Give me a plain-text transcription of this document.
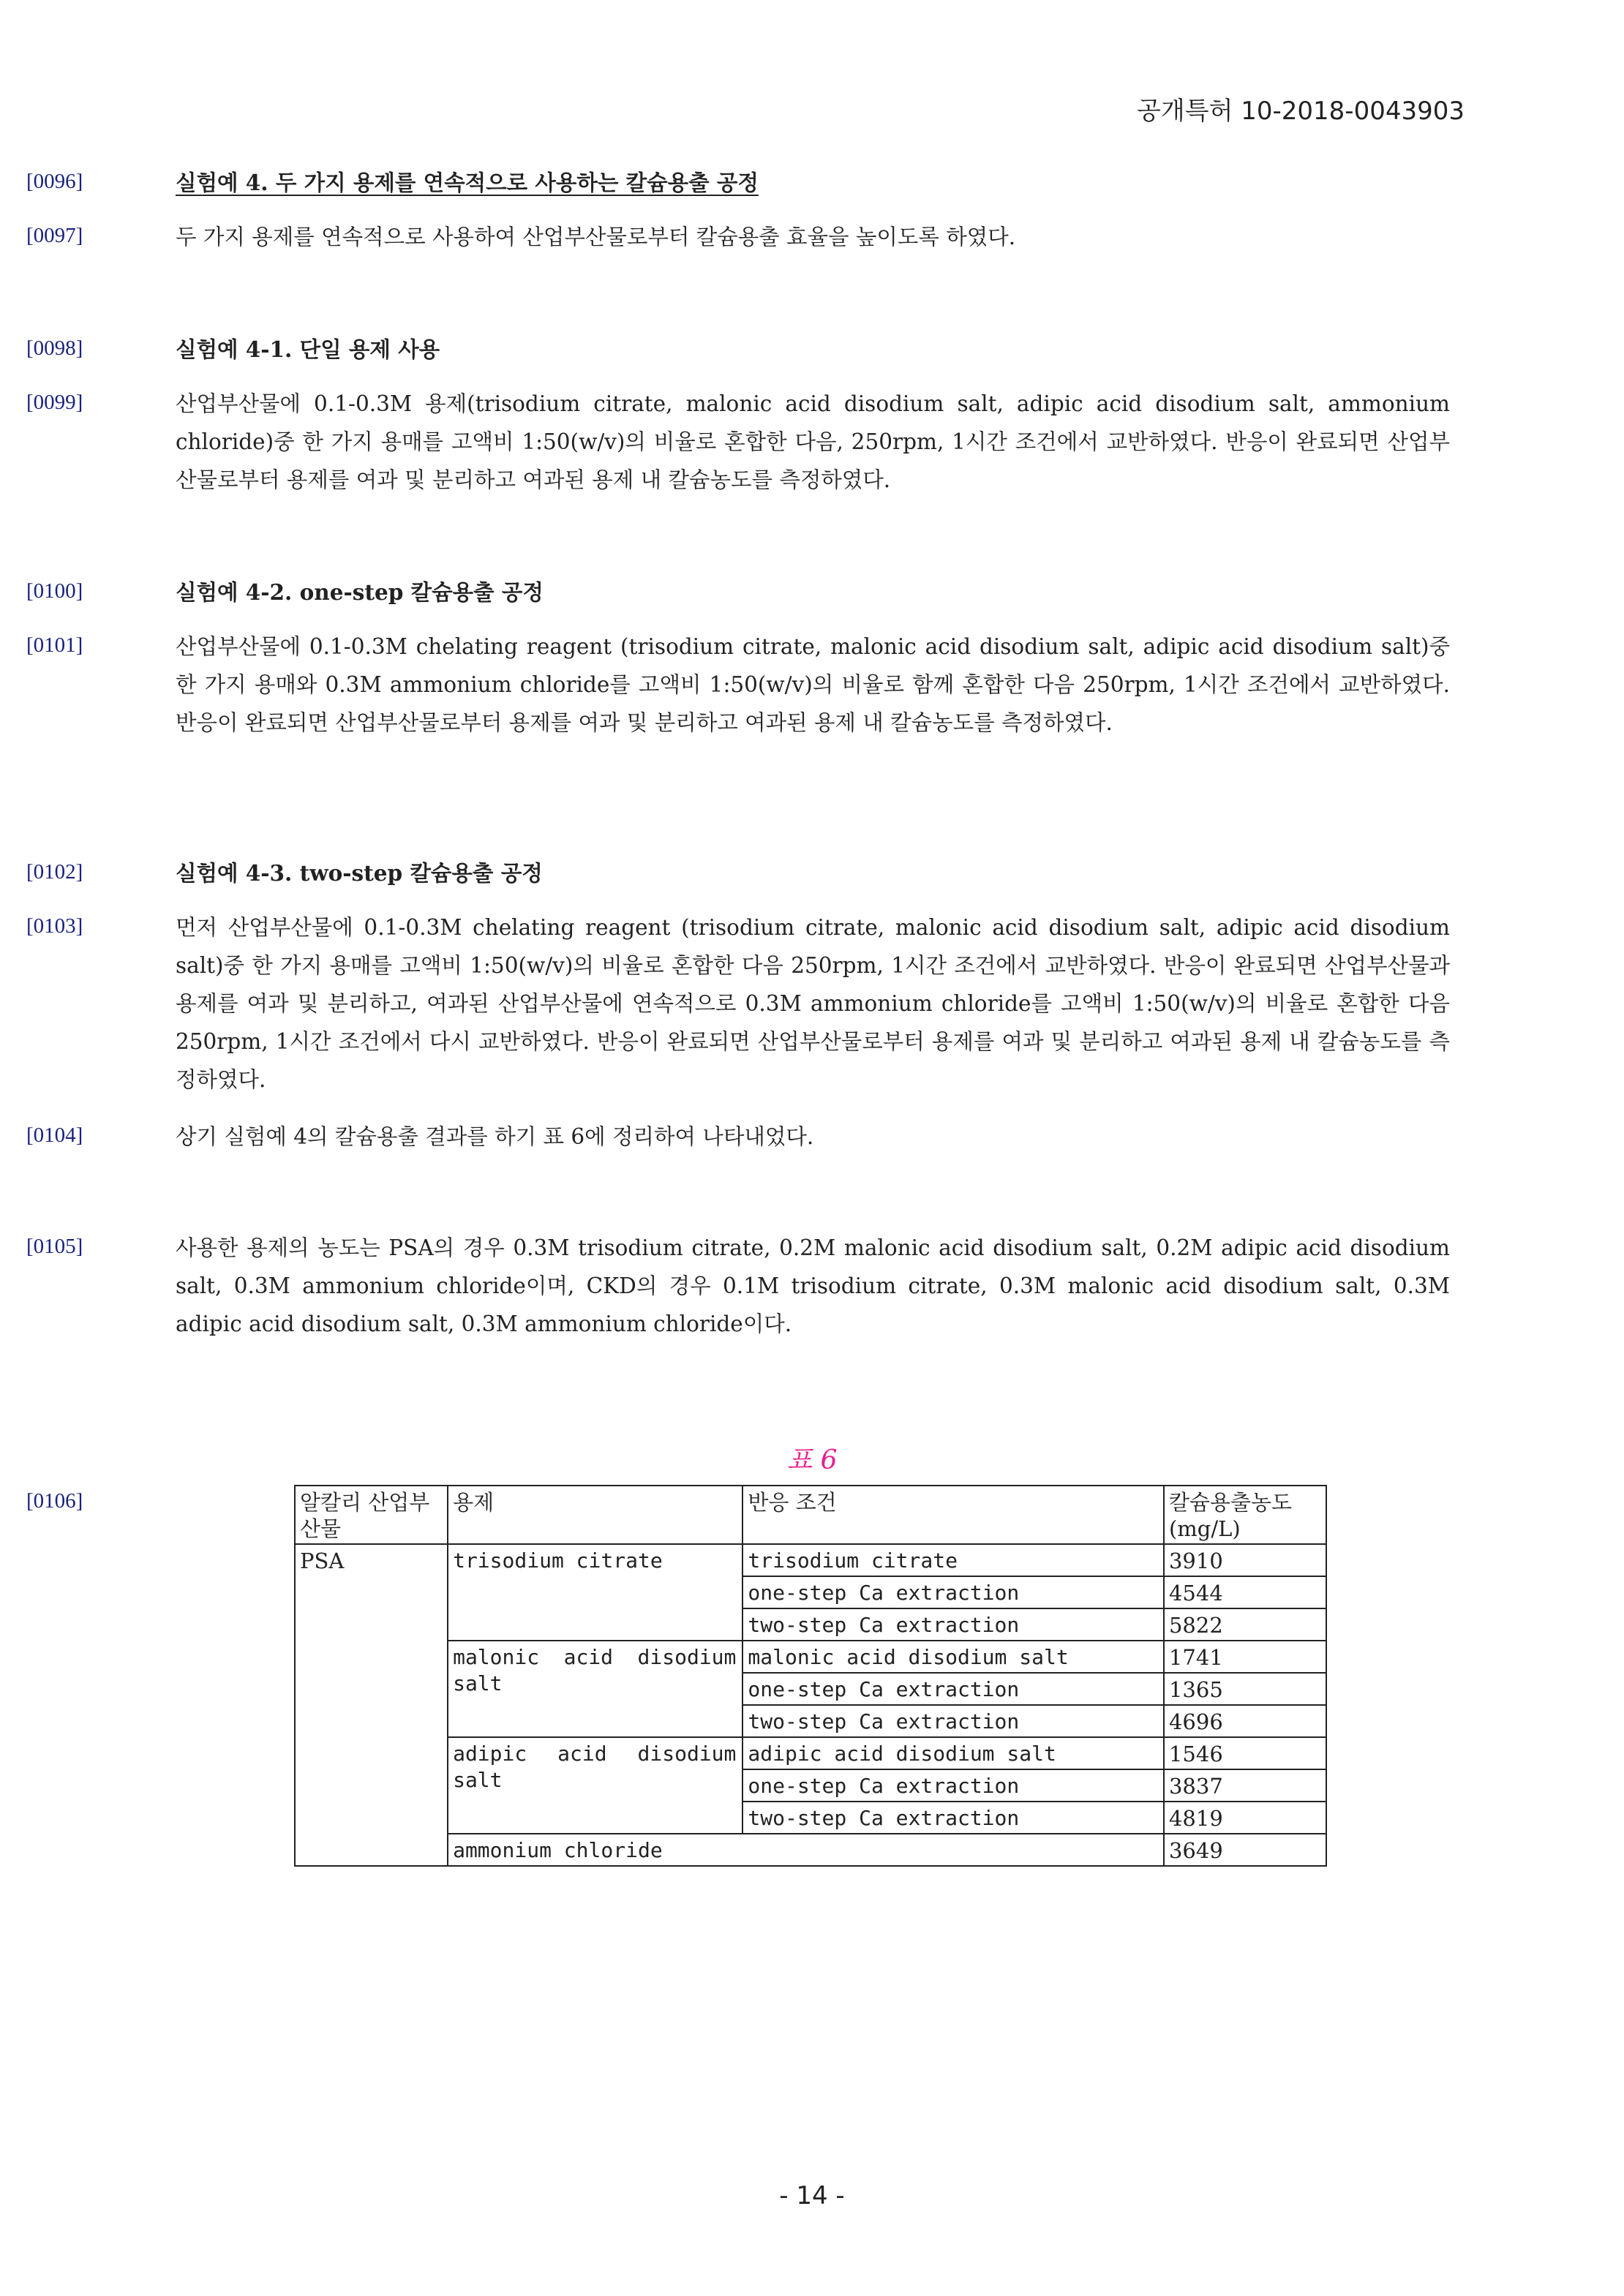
공개특허 10-2018-0043903
[0096]	실험예 4. 두 가지 용제를 연속적으로 사용하는 칼슘용출 공정
[0097]	두 가지 용제를 연속적으로 사용하여 산업부산물로부터 칼슘용출 효율을 높이도록 하였다.
[0098]	실험예 4-1. 단일 용제 사용
[0099]	산업부산물에 0.1-0.3M 용제(trisodium citrate, malonic acid disodium salt, adipic acid disodium salt, ammonium chloride)중 한 가지 용매를 고액비 1:50(w/v)의 비율로 혼합한 다음, 250rpm, 1시간 조건에서 교반하였다. 반응이 완료되면 산업부산물로부터 용제를 여과 및 분리하고 여과된 용제 내 칼슘농도를 측정하였다.
[0100]	실험예 4-2. one-step 칼슘용출 공정
[0101]	산업부산물에 0.1-0.3M chelating reagent (trisodium citrate, malonic acid disodium salt, adipic acid disodium salt)중 한 가지 용매와 0.3M ammonium chloride를 고액비 1:50(w/v)의 비율로 함께 혼합한 다음 250rpm, 1시간 조건에서 교반하였다. 반응이 완료되면 산업부산물로부터 용제를 여과 및 분리하고 여과된 용제 내 칼슘농도를 측정하였다.
[0102]	실험예 4-3. two-step 칼슘용출 공정
[0103]	먼저 산업부산물에 0.1-0.3M chelating reagent (trisodium citrate, malonic acid disodium salt, adipic acid disodium salt)중 한 가지 용매를 고액비 1:50(w/v)의 비율로 혼합한 다음 250rpm, 1시간 조건에서 교반하였다. 반응이 완료되면 산업부산물과 용제를 여과 및 분리하고, 여과된 산업부산물에 연속적으로 0.3M ammonium chloride를 고액비 1:50(w/v)의 비율로 혼합한 다음 250rpm, 1시간 조건에서 다시 교반하였다. 반응이 완료되면 산업부산물로부터 용제를 여과 및 분리하고 여과된 용제 내 칼슘농도를 측정하였다.
[0104]	상기 실험예 4의 칼슘용출 결과를 하기 표 6에 정리하여 나타내었다.
[0105]	사용한 용제의 농도는 PSA의 경우 0.3M trisodium citrate, 0.2M malonic acid disodium salt, 0.2M adipic acid disodium salt, 0.3M ammonium chloride이며, CKD의 경우 0.1M trisodium citrate, 0.3M malonic acid disodium salt, 0.3M adipic acid disodium salt, 0.3M ammonium chloride이다.
[0106]
표 6
알칼리 산업부산물	용제	반응 조건	칼슘용출농도 (mg/L)
PSA	trisodium citrate	trisodium citrate	3910
		one-step Ca extraction	4544
		two-step Ca extraction	5822
	malonic acid disodium salt	malonic acid disodium salt	1741
		one-step Ca extraction	1365
		two-step Ca extraction	4696
	adipic acid disodium salt	adipic acid disodium salt	1546
		one-step Ca extraction	3837
		two-step Ca extraction	4819
	ammonium chloride		3649
- 14 -
